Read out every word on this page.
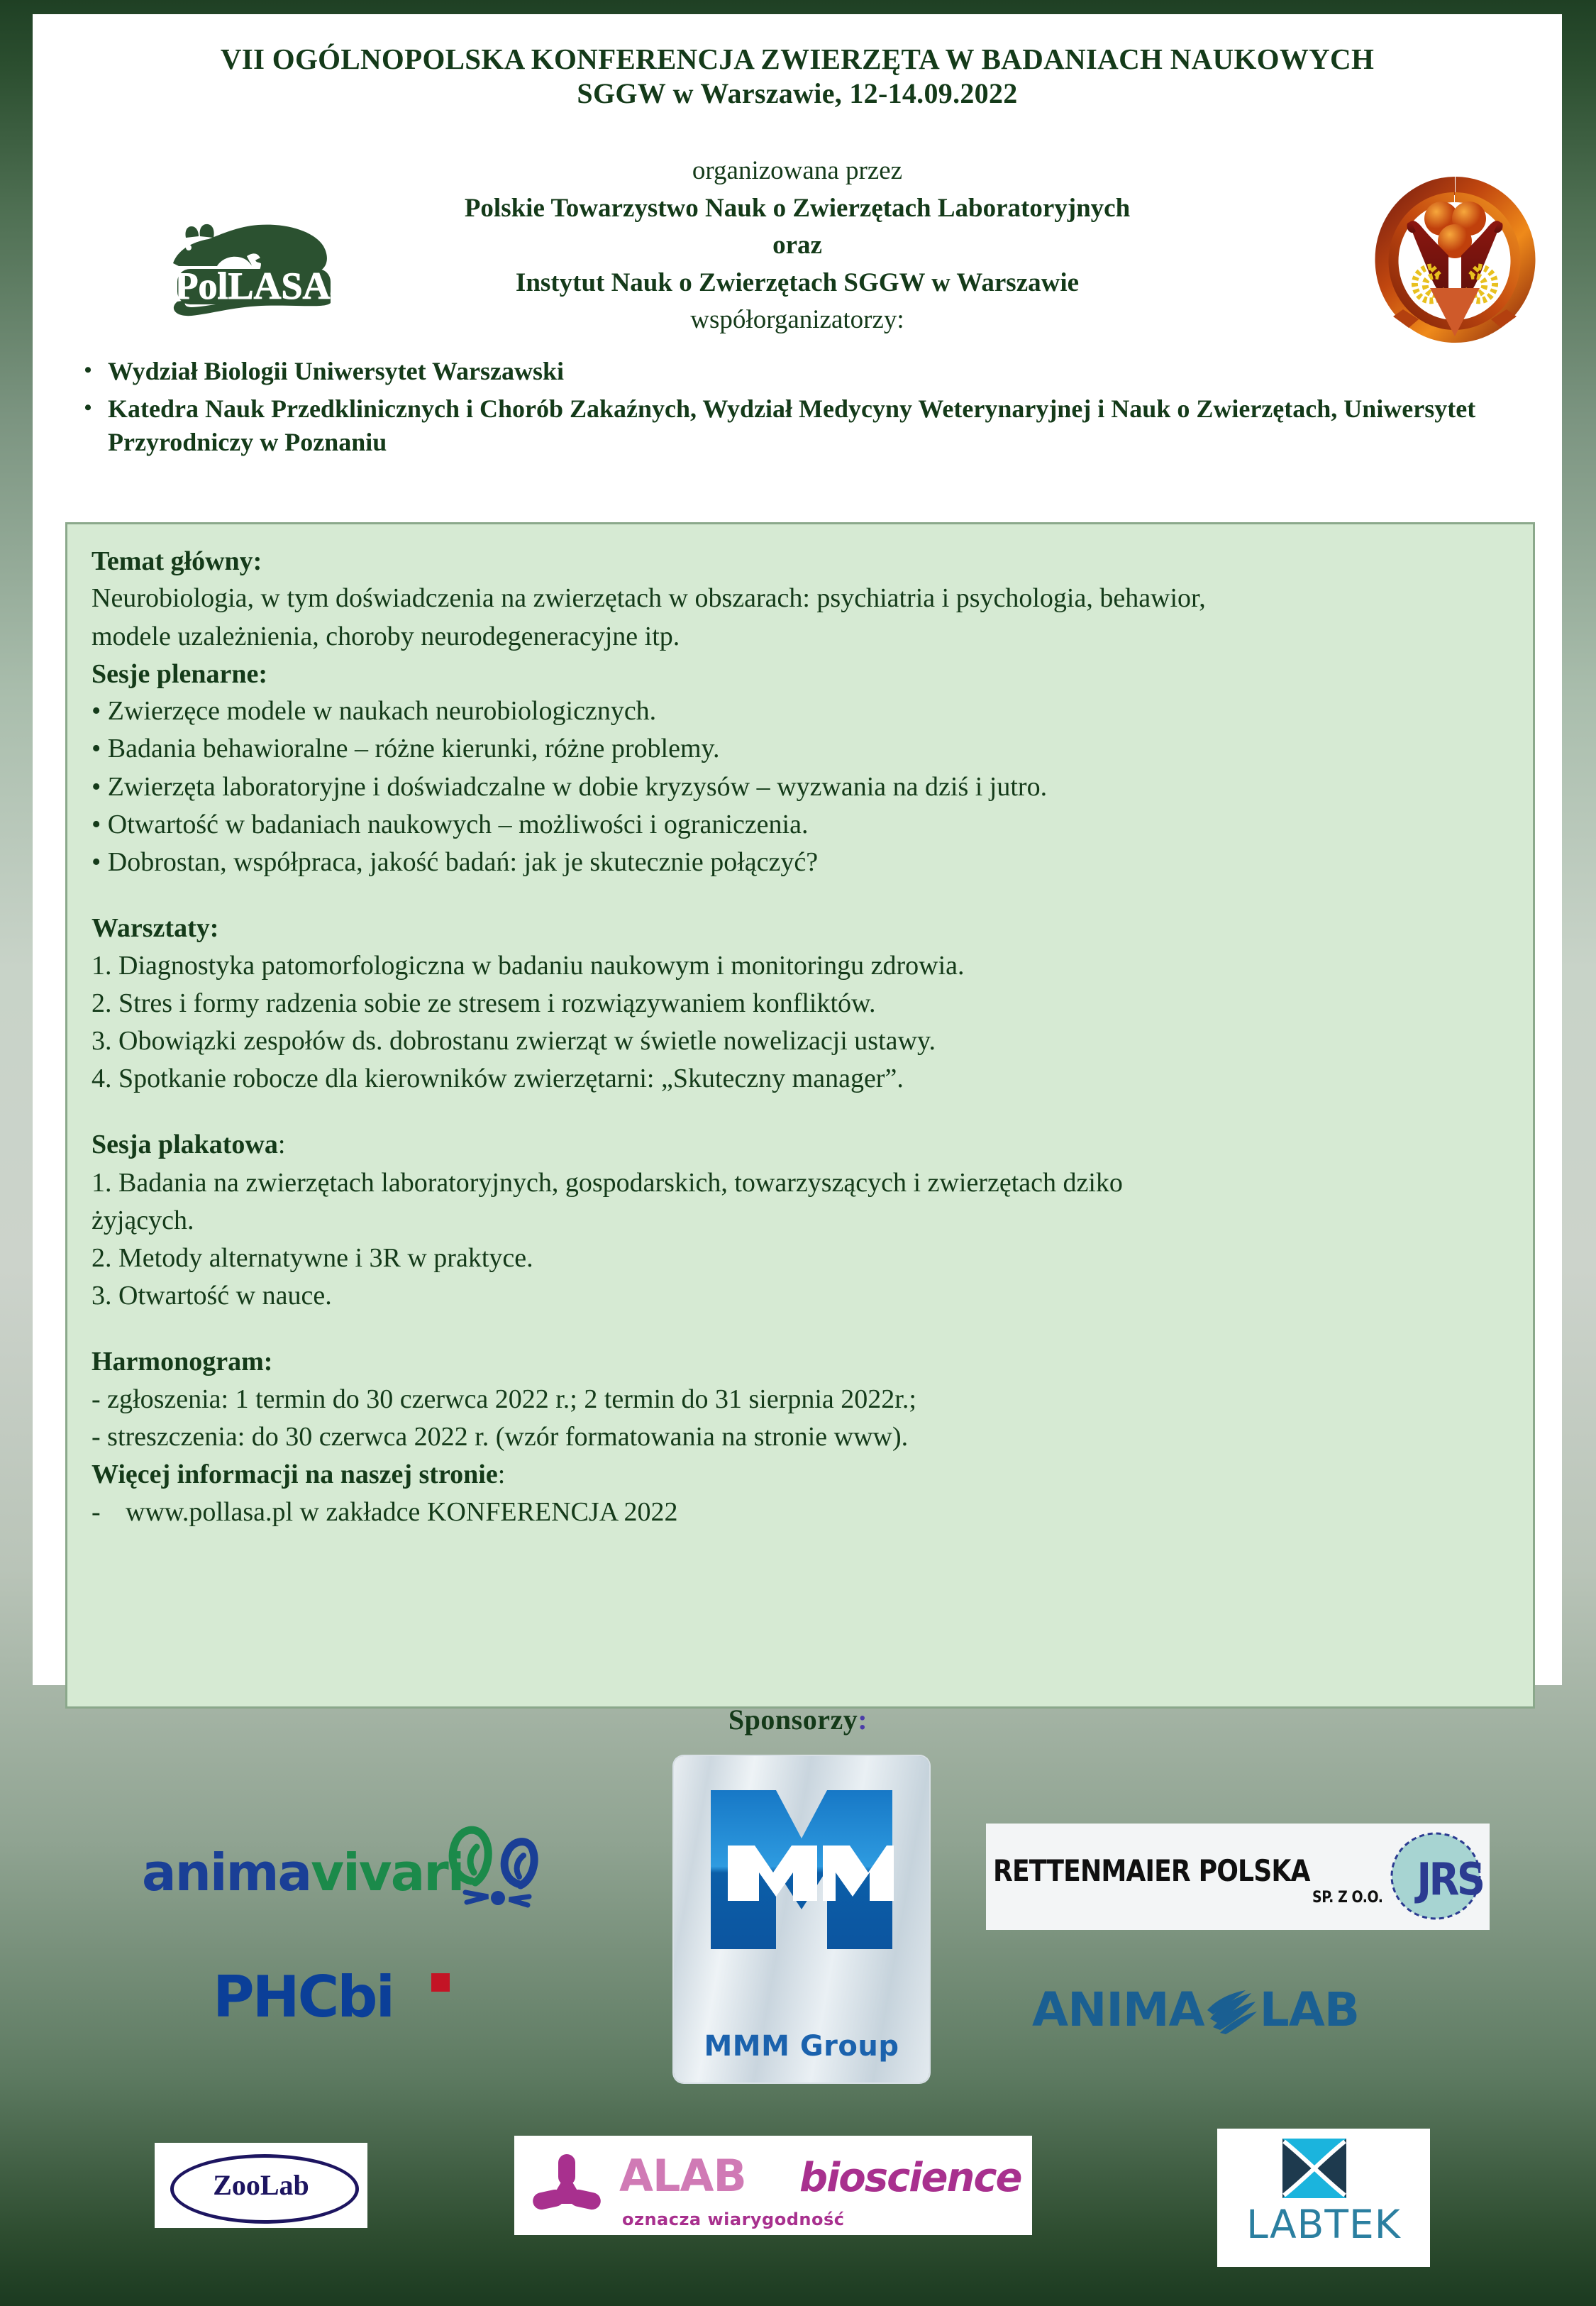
VII OGÓLNOPOLSKA KONFERENCJA ZWIERZĘTA W BADANIACH NAUKOWYCH
SGGW w Warszawie, 12-14.09.2022
PolLASA
organizowana przez
Polskie Towarzystwo Nauk o Zwierzętach Laboratoryjnych
oraz
Instytut Nauk o Zwierzętach SGGW w Warszawie
współorganizatorzy:
• Wydział Biologii Uniwersytet Warszawski
• Katedra Nauk Przedklinicznych i Chorób Zakaźnych, Wydział Medycyny Weterynaryjnej i Nauk o Zwierzętach, Uniwersytet Przyrodniczy w Poznaniu
Temat główny:
Neurobiologia, w tym doświadczenia na zwierzętach w obszarach: psychiatria i psychologia, behawior,
modele uzależnienia, choroby neurodegeneracyjne itp.
Sesje plenarne:
• Zwierzęce modele w naukach neurobiologicznych.
• Badania behawioralne – różne kierunki, różne problemy.
• Zwierzęta laboratoryjne i doświadczalne w dobie kryzysów – wyzwania na dziś i jutro.
• Otwartość w badaniach naukowych – możliwości i ograniczenia.
• Dobrostan, współpraca, jakość badań: jak je skutecznie połączyć?
Warsztaty:
1. Diagnostyka patomorfologiczna w badaniu naukowym i monitoringu zdrowia.
2. Stres i formy radzenia sobie ze stresem i rozwiązywaniem konfliktów.
3. Obowiązki zespołów ds. dobrostanu zwierząt w świetle nowelizacji ustawy.
4. Spotkanie robocze dla kierowników zwierzętarni: „Skuteczny manager”.
Sesja plakatowa:
1. Badania na zwierzętach laboratoryjnych, gospodarskich, towarzyszących i zwierzętach dziko
żyjących.
2. Metody alternatywne i 3R w praktyce.
3. Otwartość w nauce.
Harmonogram:
- zgłoszenia: 1 termin do 30 czerwca 2022 r.; 2 termin do 31 sierpnia 2022r.;
- streszczenia: do 30 czerwca 2022 r. (wzór formatowania na stronie www).
Więcej informacji na naszej stronie:
- www.pollasa.pl w zakładce KONFERENCJA 2022
Sponsorzy:
animavivari
MMM Group
RETTENMAIER POLSKA
SP. Z O.O. JRS
PHCbi	ANIMA LAB
ZooLab	ALAB bioscience
oznacza wiarygodność	LABTEK
